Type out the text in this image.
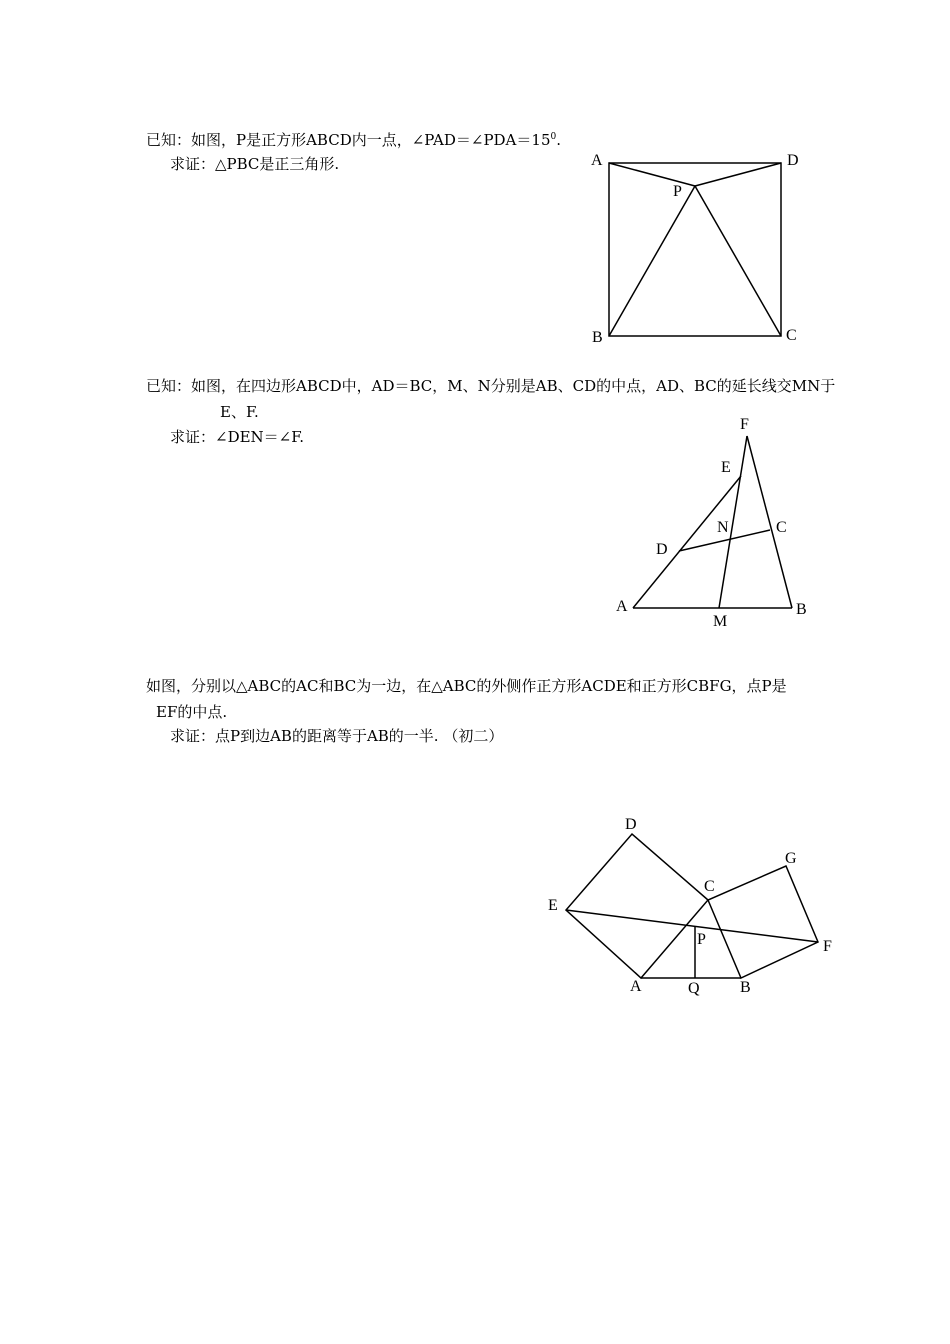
已知：如图，P是正方形ABCD内一点，$\angle PAD=\angle PDA=15^0$.
求证：△PBC是正三角形.
已知：如图，在四边形ABCD中，AD＝BC，M、N分别是AB、CD的中点，AD、BC的延长线交MN于
E、F.
求证：∠DEN＝∠F.
如图，分别以△ABC的AC和BC为一边，在△ABC的外侧作正方形ACDE和正方形CBFG，点P是
EF的中点.
求证：点P到边AB的距离等于AB的一半. （初二）
A	D
P
B	C
F
E
N	C
D
A
M
B
D
G
C
E
P	F
A	Q	B
